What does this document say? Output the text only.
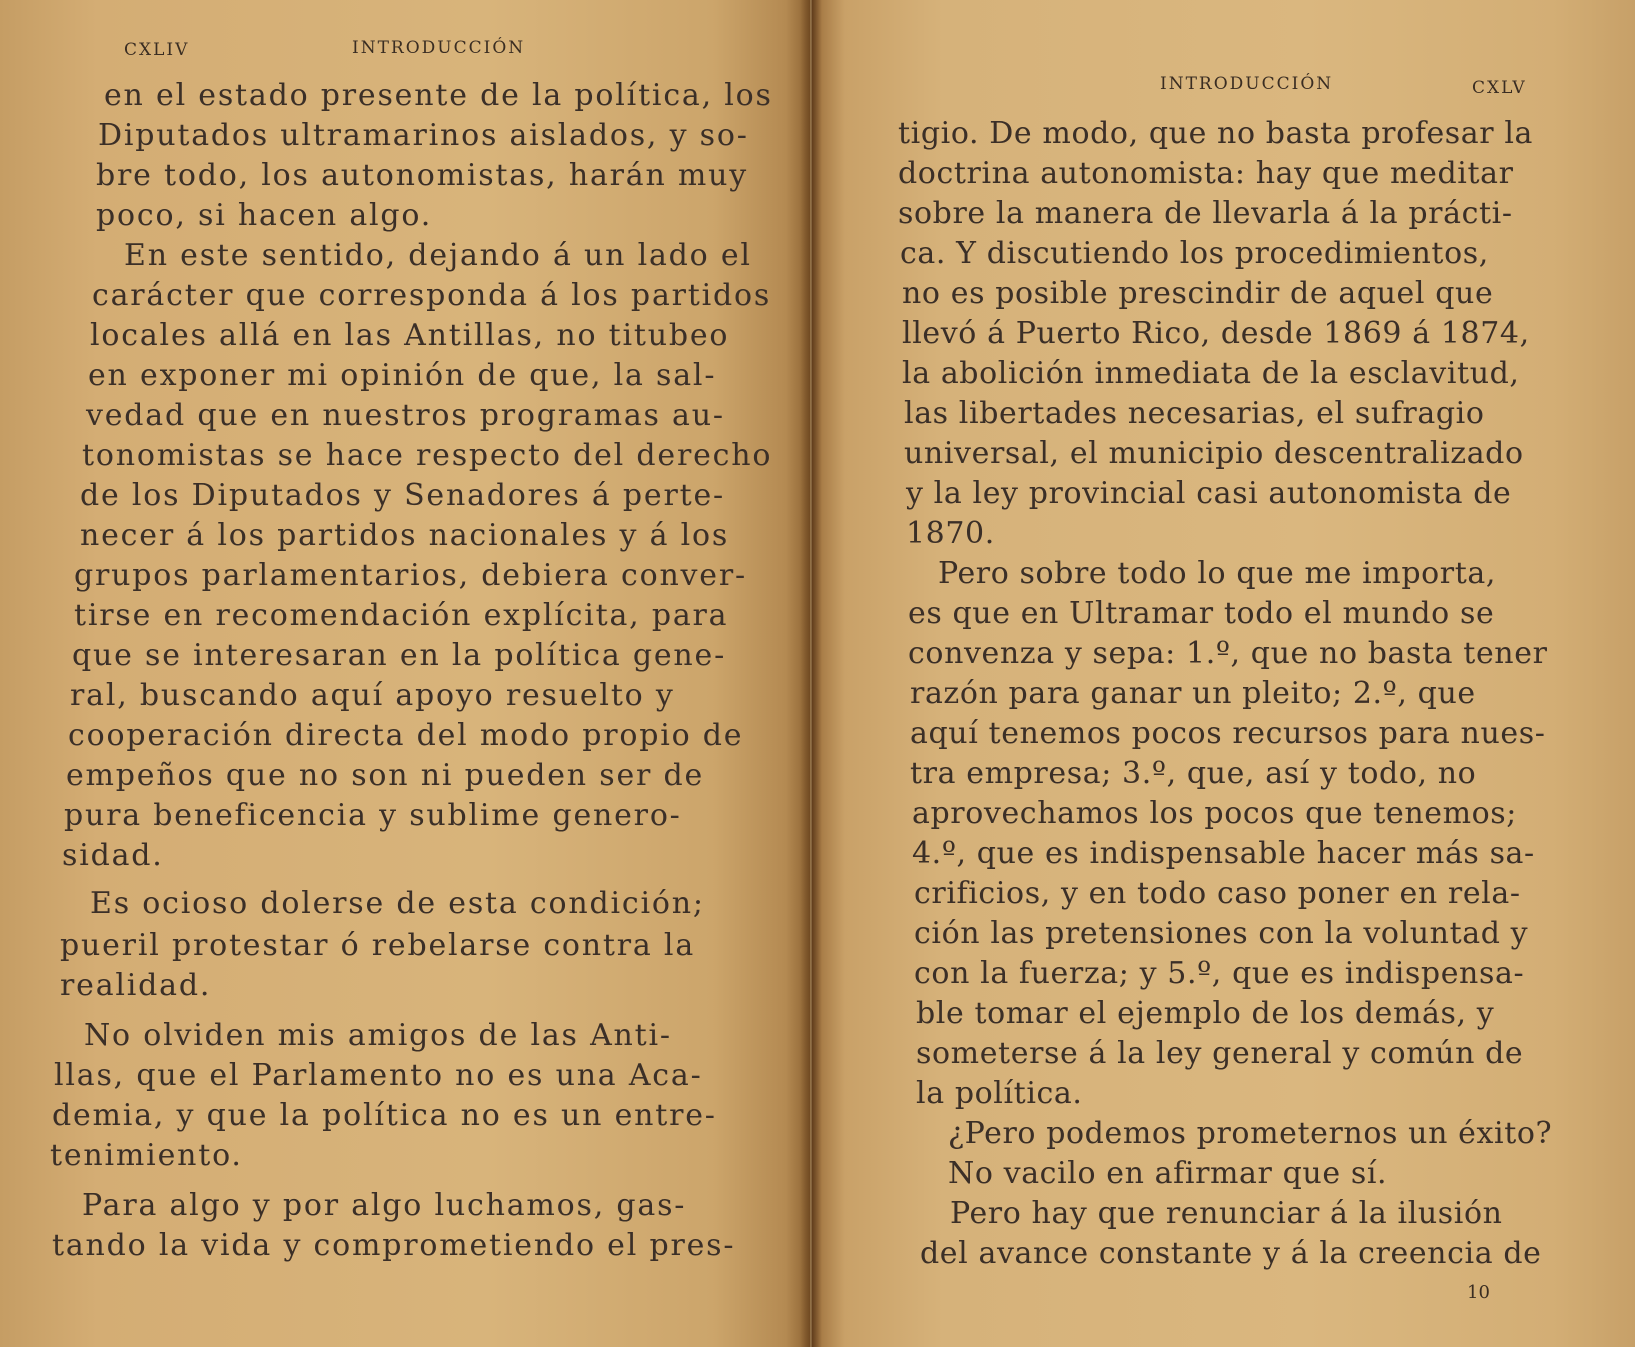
CXLIV	INTRODUCCIÓN
en el estado presente de la política, los
Diputados ultramarinos aislados, y so-
bre todo, los autonomistas, harán muy
poco, si hacen algo.
En este sentido, dejando á un lado el
carácter que corresponda á los partidos
locales allá en las Antillas, no titubeo
en exponer mi opinión de que, la sal-
vedad que en nuestros programas au-
tonomistas se hace respecto del derecho
de los Diputados y Senadores á perte-
necer á los partidos nacionales y á los
grupos parlamentarios, debiera conver-
tirse en recomendación explícita, para
que se interesaran en la política gene-
ral, buscando aquí apoyo resuelto y
cooperación directa del modo propio de
empeños que no son ni pueden ser de
pura beneficencia y sublime genero-
sidad.
Es ocioso dolerse de esta condición;
pueril protestar ó rebelarse contra la
realidad.
No olviden mis amigos de las Anti-
llas, que el Parlamento no es una Aca-
demia, y que la política no es un entre-
tenimiento.
Para algo y por algo luchamos, gas-
tando la vida y comprometiendo el pres-
INTRODUCCIÓN	CXLV
tigio. De modo, que no basta profesar la
doctrina autonomista: hay que meditar
sobre la manera de llevarla á la prácti-
ca. Y discutiendo los procedimientos,
no es posible prescindir de aquel que
llevó á Puerto Rico, desde 1869 á 1874,
la abolición inmediata de la esclavitud,
las libertades necesarias, el sufragio
universal, el municipio descentralizado
y la ley provincial casi autonomista de
1870.
Pero sobre todo lo que me importa,
es que en Ultramar todo el mundo se
convenza y sepa: 1.º, que no basta tener
razón para ganar un pleito; 2.º, que
aquí tenemos pocos recursos para nues-
tra empresa; 3.º, que, así y todo, no
aprovechamos los pocos que tenemos;
4.º, que es indispensable hacer más sa-
crificios, y en todo caso poner en rela-
ción las pretensiones con la voluntad y
con la fuerza; y 5.º, que es indispensa-
ble tomar el ejemplo de los demás, y
someterse á la ley general y común de
la política.
¿Pero podemos prometernos un éxito?
No vacilo en afirmar que sí.
Pero hay que renunciar á la ilusión
del avance constante y á la creencia de
10
